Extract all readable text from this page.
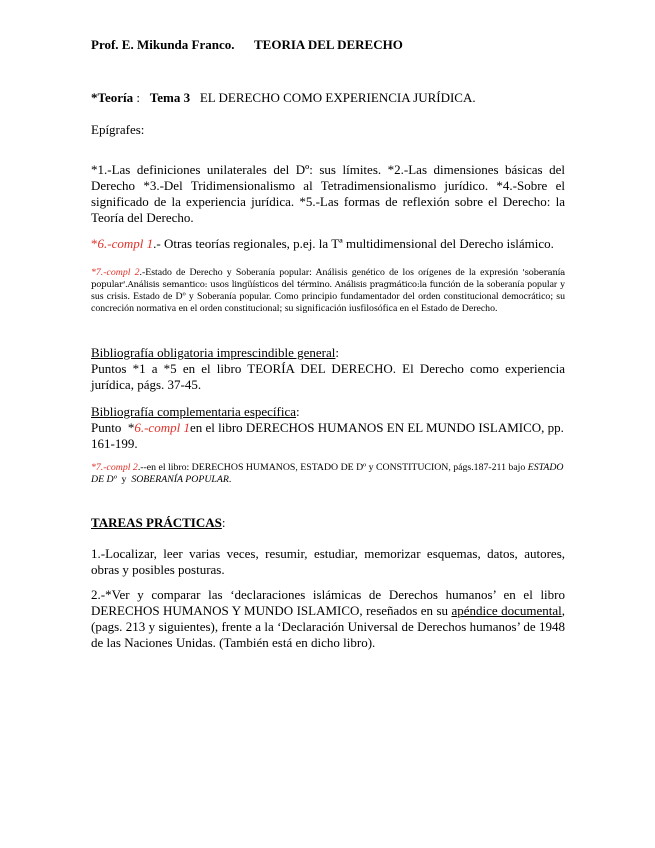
Prof. E. Mikunda Franco. TEORIA DEL DERECHO

*Teoría :   Tema 3 EL DERECHO COMO EXPERIENCIA JURÍDICA.

Epígrafes:

*1.-Las definiciones unilaterales del Dº: sus límites. *2.-Las dimensiones básicas del Derecho *3.-Del Tridimensionalismo al Tetradimensionalismo jurídico. *4.-Sobre el significado de la experiencia jurídica. *5.-Las formas de reflexión sobre el Derecho: la Teoría del Derecho.

*6.-compl 1.- Otras teorías regionales, p.ej. la Tª multidimensional del Derecho islámico.

*7.-compl 2.-Estado de Derecho y Soberanía popular: Análisis genético de los orígenes de la expresión 'soberanía popular'.Análisis semantico: usos lingüísticos del término. Análisis pragmático:la función de la soberanía popular y sus crisis. Estado de Dº y Soberanía popular. Como principio fundamentador del orden constitucional democrático; su concreción normativa en el orden constitucional; su significación iusfilosófica en el Estado de Derecho.

Bibliografía obligatoria imprescindible general:
Puntos *1 a *5 en el libro TEORÍA DEL DERECHO. El Derecho como experiencia jurídica, págs. 37-45.

Bibliografía complementaria específica:
Punto  *6.-compl 1en el libro DERECHOS HUMANOS EN EL MUNDO ISLAMICO, pp. 161-199.

*7.-compl 2.--en el libro: DERECHOS HUMANOS, ESTADO DE Dº y CONSTITUCION, págs.187-211 bajo ESTADO DE Dº  y  SOBERANÍA POPULAR.

TAREAS PRÁCTICAS:

1.-Localizar, leer varias veces, resumir, estudiar, memorizar esquemas, datos, autores, obras y posibles posturas.

2.-*Ver y comparar las ‘declaraciones islámicas de Derechos humanos’ en el libro DERECHOS HUMANOS Y MUNDO ISLAMICO, reseñados en su apéndice documental, (pags. 213 y siguientes), frente a la ‘Declaración Universal de Derechos humanos’ de 1948 de las Naciones Unidas. (También está en dicho libro).
